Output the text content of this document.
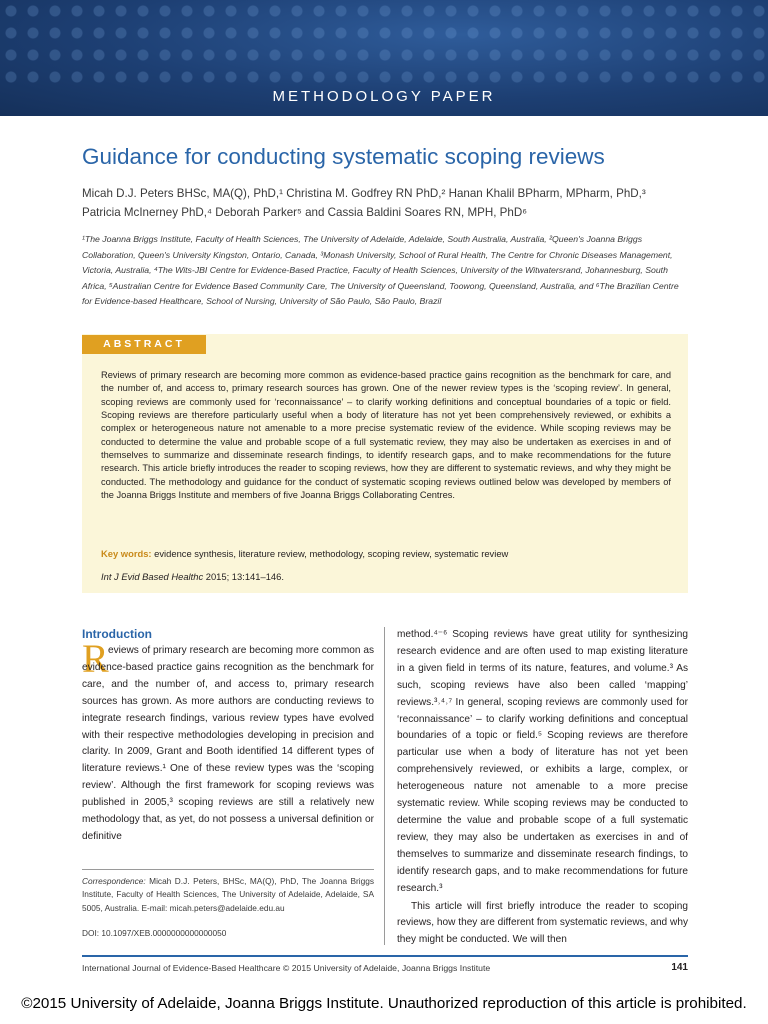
METHODOLOGY PAPER
Guidance for conducting systematic scoping reviews
Micah D.J. Peters BHSc, MA(Q), PhD,¹ Christina M. Godfrey RN PhD,² Hanan Khalil BPharm, MPharm, PhD,³
Patricia McInerney PhD,⁴ Deborah Parker⁵ and Cassia Baldini Soares RN, MPH, PhD⁶
¹The Joanna Briggs Institute, Faculty of Health Sciences, The University of Adelaide, Adelaide, South Australia, Australia, ²Queen's Joanna Briggs Collaboration, Queen's University Kingston, Ontario, Canada, ³Monash University, School of Rural Health, The Centre for Chronic Diseases Management, Victoria, Australia, ⁴The Wits-JBI Centre for Evidence-Based Practice, Faculty of Health Sciences, University of the Witwatersrand, Johannesburg, South Africa, ⁵Australian Centre for Evidence Based Community Care, The University of Queensland, Toowong, Queensland, Australia, and ⁶The Brazilian Centre for Evidence-based Healthcare, School of Nursing, University of São Paulo, São Paulo, Brazil
ABSTRACT
Reviews of primary research are becoming more common as evidence-based practice gains recognition as the benchmark for care, and the number of, and access to, primary research sources has grown. One of the newer review types is the ‘scoping review’. In general, scoping reviews are commonly used for ‘reconnaissance’ – to clarify working definitions and conceptual boundaries of a topic or field. Scoping reviews are therefore particularly useful when a body of literature has not yet been comprehensively reviewed, or exhibits a complex or heterogeneous nature not amenable to a more precise systematic review of the evidence. While scoping reviews may be conducted to determine the value and probable scope of a full systematic review, they may also be undertaken as exercises in and of themselves to summarize and disseminate research findings, to identify research gaps, and to make recommendations for the future research. This article briefly introduces the reader to scoping reviews, how they are different to systematic reviews, and why they might be conducted. The methodology and guidance for the conduct of systematic scoping reviews outlined below was developed by members of the Joanna Briggs Institute and members of five Joanna Briggs Collaborating Centres.
Key words: evidence synthesis, literature review, methodology, scoping review, systematic review
Int J Evid Based Healthc 2015; 13:141–146.
Introduction
R eviews of primary research are becoming more common as evidence-based practice gains recognition as the benchmark for care, and the number of, and access to, primary research sources has grown. As more authors are conducting reviews to integrate research findings, various review types have evolved with their respective methodologies developing in precision and clarity. In 2009, Grant and Booth identified 14 different types of literature reviews.¹ One of these review types was the ‘scoping review’. Although the first framework for scoping reviews was published in 2005,³ scoping reviews are still a relatively new methodology that, as yet, do not possess a universal definition or definitive
Correspondence: Micah D.J. Peters, BHSc, MA(Q), PhD, The Joanna Briggs Institute, Faculty of Health Sciences, The University of Adelaide, Adelaide, SA 5005, Australia. E-mail: micah.peters@adelaide.edu.au
DOI: 10.1097/XEB.0000000000000050

method.⁴⁻⁶ Scoping reviews have great utility for synthesizing research evidence and are often used to map existing literature in a given field in terms of its nature, features, and volume.³ As such, scoping reviews have also been called ‘mapping’ reviews.³˒⁴˒⁷ In general, scoping reviews are commonly used for ‘reconnaissance’ – to clarify working definitions and conceptual boundaries of a topic or field.⁵ Scoping reviews are therefore particular use when a body of literature has not yet been comprehensively reviewed, or exhibits a large, complex, or heterogeneous nature not amenable to a more precise systematic review. While scoping reviews may be conducted to determine the value and probable scope of a full systematic review, they may also be undertaken as exercises in and of themselves to summarize and disseminate research findings, to identify research gaps, and to make recommendations for future research.³

This article will first briefly introduce the reader to scoping reviews, how they are different from systematic reviews, and why they might be conducted. We will then

International Journal of Evidence-Based Healthcare © 2015 University of Adelaide, Joanna Briggs Institute	141
©2015 University of Adelaide, Joanna Briggs Institute. Unauthorized reproduction of this article is prohibited.
